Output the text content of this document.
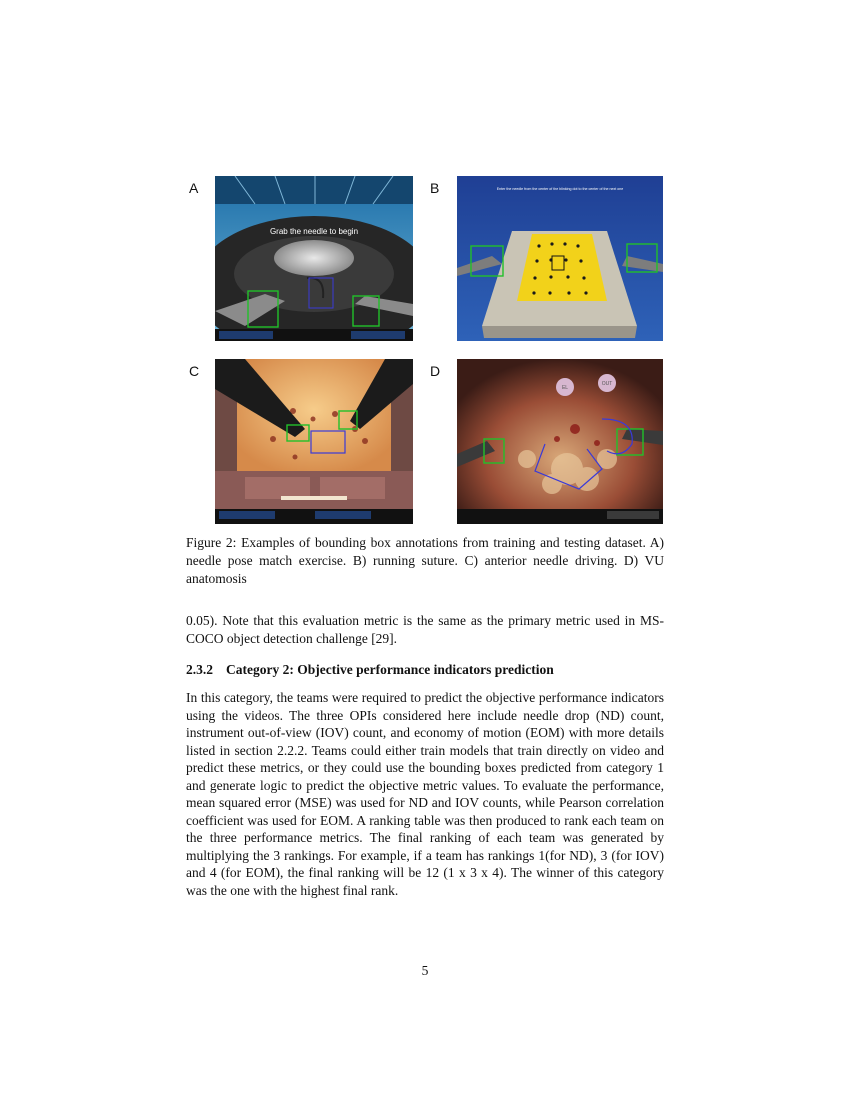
A	B
C	D
Grab the needle to begin
Enter the needle from the center of the blinking dot to the center of the next one
EL
OUT
Figure 2: Examples of bounding box annotations from training and testing dataset. A) needle pose match exercise. B) running suture. C) anterior needle driving. D) VU anatomosis
0.05). Note that this evaluation metric is the same as the primary metric used in MS-COCO object detection challenge [29].
2.3.2 Category 2: Objective performance indicators prediction
In this category, the teams were required to predict the objective performance indicators using the videos. The three OPIs considered here include needle drop (ND) count, instrument out-of-view (IOV) count, and economy of motion (EOM) with more details listed in section 2.2.2. Teams could either train models that train directly on video and predict these metrics, or they could use the bounding boxes predicted from category 1 and generate logic to predict the objective metric values. To evaluate the performance, mean squared error (MSE) was used for ND and IOV counts, while Pearson correlation coefficient was used for EOM. A ranking table was then produced to rank each team on the three performance metrics. The final ranking of each team was generated by multiplying the 3 rankings. For example, if a team has rankings 1(for ND), 3 (for IOV) and 4 (for EOM), the final ranking will be 12 (1 x 3 x 4). The winner of this category was the one with the highest final rank.
5
